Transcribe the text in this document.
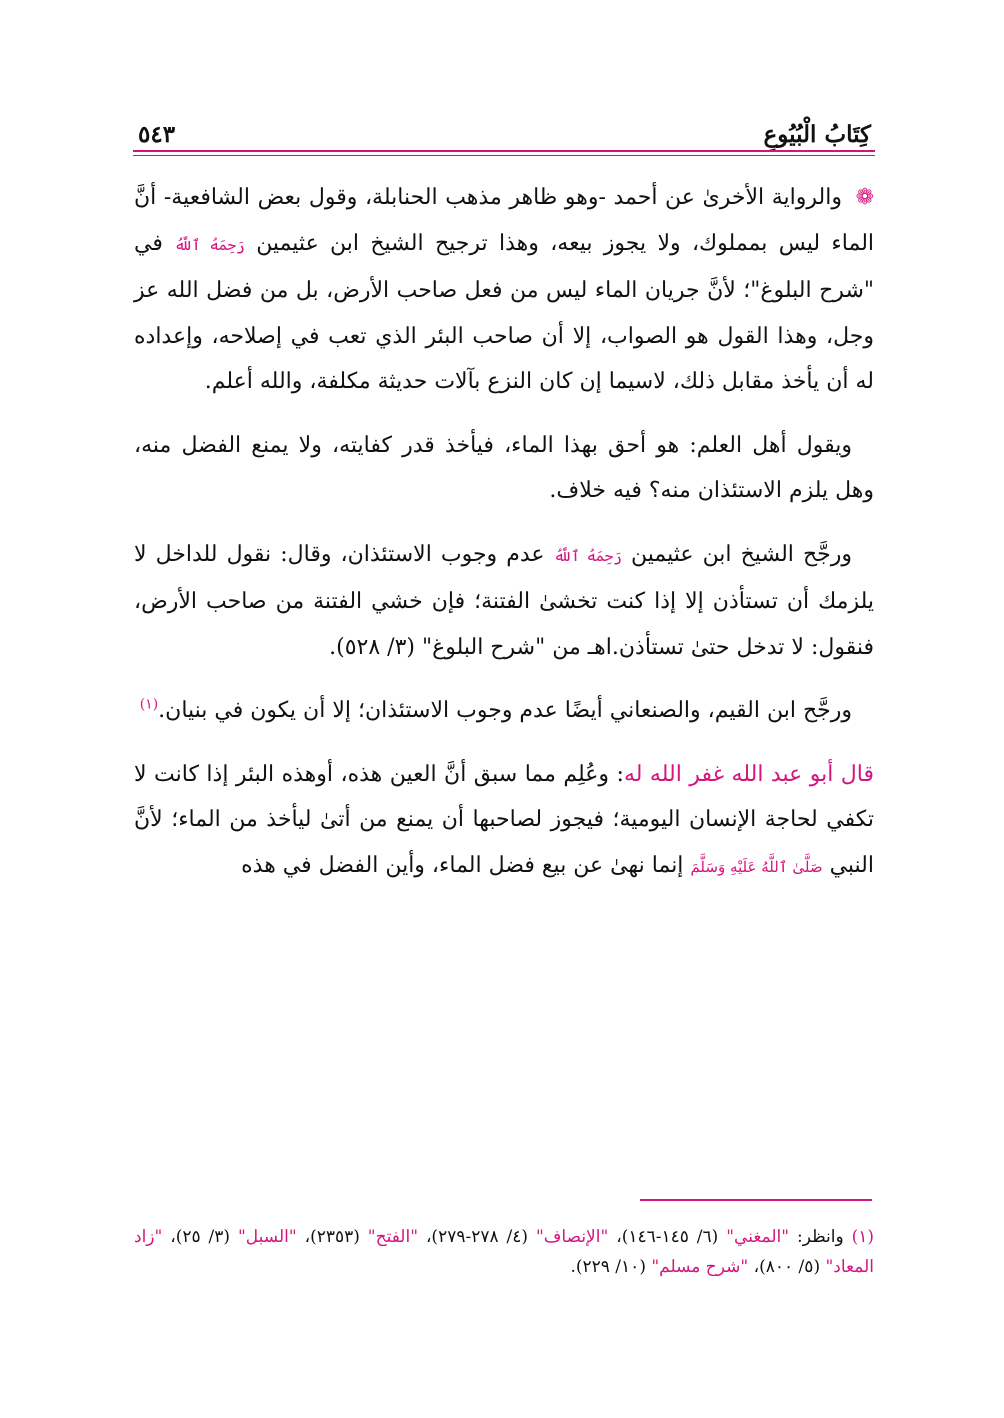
كِتَابُ الْبُيُوعِ
٥٤٣

❁ والرواية الأخرىٰ عن أحمد -وهو ظاهر مذهب الحنابلة، وقول بعض الشافعية- أنَّ الماء ليس بمملوك، ولا يجوز بيعه، وهذا ترجيح الشيخ ابن عثيمين رَحِمَهُ ٱللَّهُ في "شرح البلوغ"؛ لأنَّ جريان الماء ليس من فعل صاحب الأرض، بل من فضل الله عز وجل، وهذا القول هو الصواب، إلا أن صاحب البئر الذي تعب في إصلاحه، وإعداده له أن يأخذ مقابل ذلك، لاسيما إن كان النزع بآلات حديثة مكلفة، والله أعلم.

ويقول أهل العلم: هو أحق بهذا الماء، فيأخذ قدر كفايته، ولا يمنع الفضل منه، وهل يلزم الاستئذان منه؟ فيه خلاف.

ورجَّح الشيخ ابن عثيمين رَحِمَهُ ٱللَّهُ عدم وجوب الاستئذان، وقال: نقول للداخل لا يلزمك أن تستأذن إلا إذا كنت تخشىٰ الفتنة؛ فإن خشي الفتنة من صاحب الأرض، فنقول: لا تدخل حتىٰ تستأذن.اهـ من "شرح البلوغ" (٣/ ٥٢٨).

ورجَّح ابن القيم، والصنعاني أيضًا عدم وجوب الاستئذان؛ إلا أن يكون في بنيان.$^{(١)}$

قال أبو عبد الله غفر الله له: وعُلِم مما سبق أنَّ العين هذه، أوهذه البئر إذا كانت لا تكفي لحاجة الإنسان اليومية؛ فيجوز لصاحبها أن يمنع من أتىٰ ليأخذ من الماء؛ لأنَّ النبي صَلَّىٰ ٱللَّهُ عَلَيْهِ وَسَلَّمَ إنما نهىٰ عن بيع فضل الماء، وأين الفضل في هذه

(١) وانظر: "المغني" (٦/ ١٤٥-١٤٦)، "الإنصاف" (٤/ ٢٧٨-٢٧٩)، "الفتح" (٢٣٥٣)، "السبل" (٣/ ٢٥)، "زاد المعاد" (٥/ ٨٠٠)، "شرح مسلم" (١٠/ ٢٢٩).
